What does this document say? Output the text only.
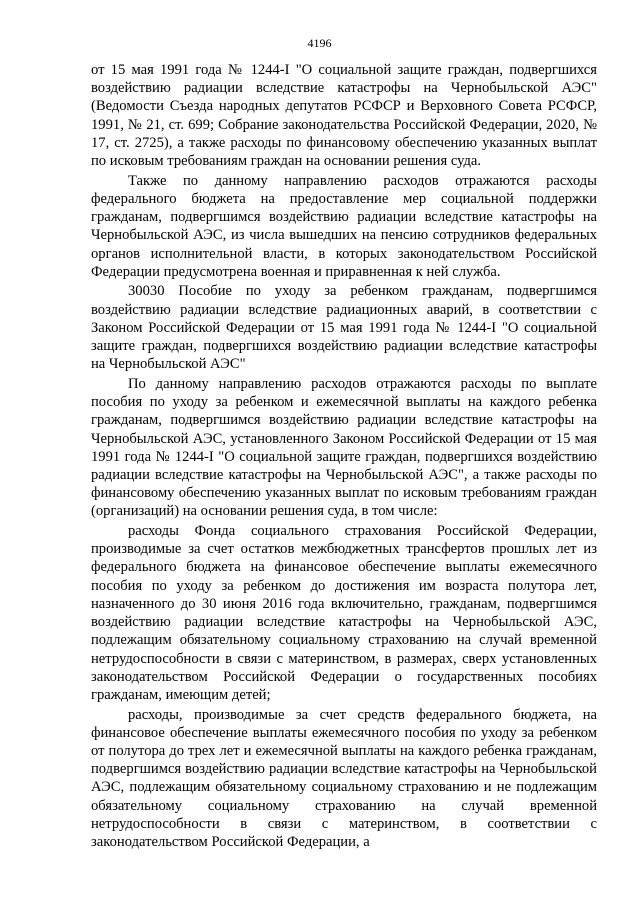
4196

от 15 мая 1991 года № 1244-I "О социальной защите граждан, подвергшихся воздействию радиации вследствие катастрофы на Чернобыльской АЭС" (Ведомости Съезда народных депутатов РСФСР и Верховного Совета РСФСР, 1991, № 21, ст. 699; Собрание законодательства Российской Федерации, 2020, № 17, ст. 2725), а также расходы по финансовому обеспечению указанных выплат по исковым требованиям граждан на основании решения суда.

Также по данному направлению расходов отражаются расходы федерального бюджета на предоставление мер социальной поддержки гражданам, подвергшимся воздействию радиации вследствие катастрофы на Чернобыльской АЭС, из числа вышедших на пенсию сотрудников федеральных органов исполнительной власти, в которых законодательством Российской Федерации предусмотрена военная и приравненная к ней служба.

30030 Пособие по уходу за ребенком гражданам, подвергшимся воздействию радиации вследствие радиационных аварий, в соответствии с Законом Российской Федерации от 15 мая 1991 года № 1244-I "О социальной защите граждан, подвергшихся воздействию радиации вследствие катастрофы на Чернобыльской АЭС"

По данному направлению расходов отражаются расходы по выплате пособия по уходу за ребенком и ежемесячной выплаты на каждого ребенка гражданам, подвергшимся воздействию радиации вследствие катастрофы на Чернобыльской АЭС, установленного Законом Российской Федерации от 15 мая 1991 года № 1244-I "О социальной защите граждан, подвергшихся воздействию радиации вследствие катастрофы на Чернобыльской АЭС", а также расходы по финансовому обеспечению указанных выплат по исковым требованиям граждан (организаций) на основании решения суда, в том числе:

расходы Фонда социального страхования Российской Федерации, производимые за счет остатков межбюджетных трансфертов прошлых лет из федерального бюджета на финансовое обеспечение выплаты ежемесячного пособия по уходу за ребенком до достижения им возраста полутора лет, назначенного до 30 июня 2016 года включительно, гражданам, подвергшимся воздействию радиации вследствие катастрофы на Чернобыльской АЭС, подлежащим обязательному социальному страхованию на случай временной нетрудоспособности в связи с материнством, в размерах, сверх установленных законодательством Российской Федерации о государственных пособиях гражданам, имеющим детей;

расходы, производимые за счет средств федерального бюджета, на финансовое обеспечение выплаты ежемесячного пособия по уходу за ребенком от полутора до трех лет и ежемесячной выплаты на каждого ребенка гражданам, подвергшимся воздействию радиации вследствие катастрофы на Чернобыльской АЭС, подлежащим обязательному социальному страхованию и не подлежащим обязательному социальному страхованию на случай временной нетрудоспособности в связи с материнством, в соответствии с законодательством Российской Федерации, а
